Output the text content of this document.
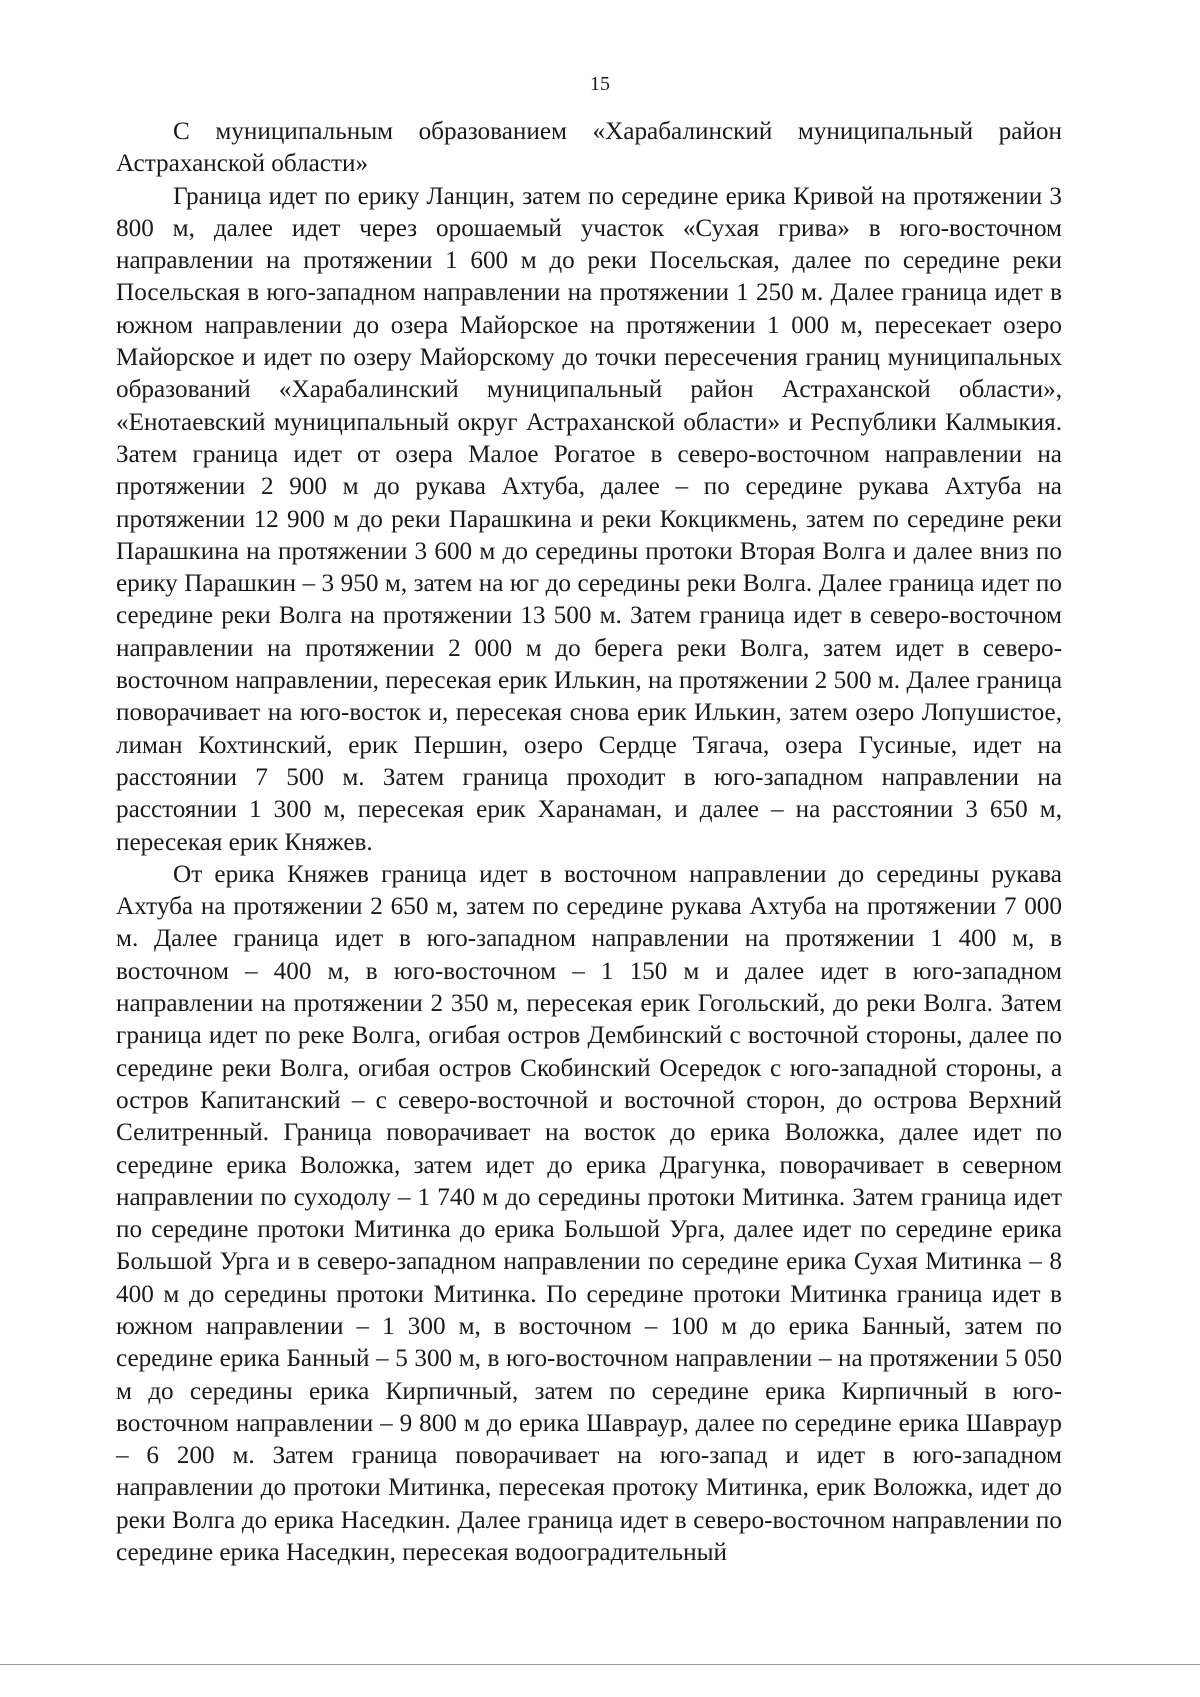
15

С муниципальным образованием «Харабалинский муниципальный район Астраханской области»

Граница идет по ерику Ланцин, затем по середине ерика Кривой на протяжении 3 800 м, далее идет через орошаемый участок «Сухая грива» в юго-восточном направлении на протяжении 1 600 м до реки Посельская, далее по середине реки Посельская в юго-западном направлении на протяжении 1 250 м. Далее граница идет в южном направлении до озера Майорское на протяжении 1 000 м, пересекает озеро Майорское и идет по озеру Майорскому до точки пересечения границ муниципальных образований «Харабалинский муниципальный район Астраханской области», «Енотаевский муниципальный округ Астраханской области» и Республики Калмыкия. Затем граница идет от озера Малое Рогатое в северо-восточном направлении на протяжении 2 900 м до рукава Ахтуба, далее – по середине рукава Ахтуба на протяжении 12 900 м до реки Парашкина и реки Кокцикмень, затем по середине реки Парашкина на протяжении 3 600 м до середины протоки Вторая Волга и далее вниз по ерику Парашкин – 3 950 м, затем на юг до середины реки Волга. Далее граница идет по середине реки Волга на протяжении 13 500 м. Затем граница идет в северо-восточном направлении на протяжении 2 000 м до берега реки Волга, затем идет в северо-восточном направлении, пересекая ерик Илькин, на протяжении 2 500 м. Далее граница поворачивает на юго-восток и, пересекая снова ерик Илькин, затем озеро Лопушистое, лиман Кохтинский, ерик Першин, озеро Сердце Тягача, озера Гусиные, идет на расстоянии 7 500 м. Затем граница проходит в юго-западном направлении на расстоянии 1 300 м, пересекая ерик Харанаман, и далее – на расстоянии 3 650 м, пересекая ерик Княжев.

От ерика Княжев граница идет в восточном направлении до середины рукава Ахтуба на протяжении 2 650 м, затем по середине рукава Ахтуба на протяжении 7 000 м. Далее граница идет в юго-западном направлении на протяжении 1 400 м, в восточном – 400 м, в юго-восточном – 1 150 м и далее идет в юго-западном направлении на протяжении 2 350 м, пересекая ерик Гогольский, до реки Волга. Затем граница идет по реке Волга, огибая остров Дембинский с восточной стороны, далее по середине реки Волга, огибая остров Скобинский Осередок с юго-западной стороны, а остров Капитанский – с северо-восточной и восточной сторон, до острова Верхний Селитренный. Граница поворачивает на восток до ерика Воложка, далее идет по середине ерика Воложка, затем идет до ерика Драгунка, поворачивает в северном направлении по суходолу – 1 740 м до середины протоки Митинка. Затем граница идет по середине протоки Митинка до ерика Большой Урга, далее идет по середине ерика Большой Урга и в северо-западном направлении по середине ерика Сухая Митинка – 8 400 м до середины протоки Митинка. По середине протоки Митинка граница идет в южном направлении – 1 300 м, в восточном – 100 м до ерика Банный, затем по середине ерика Банный – 5 300 м, в юго-восточном направлении – на протяжении 5 050 м до середины ерика Кирпичный, затем по середине ерика Кирпичный в юго-восточном направлении – 9 800 м до ерика Шавраур, далее по середине ерика Шавраур – 6 200 м. Затем граница поворачивает на юго-запад и идет в юго-западном направлении до протоки Митинка, пересекая протоку Митинка, ерик Воложка, идет до реки Волга до ерика Наседкин. Далее граница идет в северо-восточном направлении по середине ерика Наседкин, пересекая водооградительный
